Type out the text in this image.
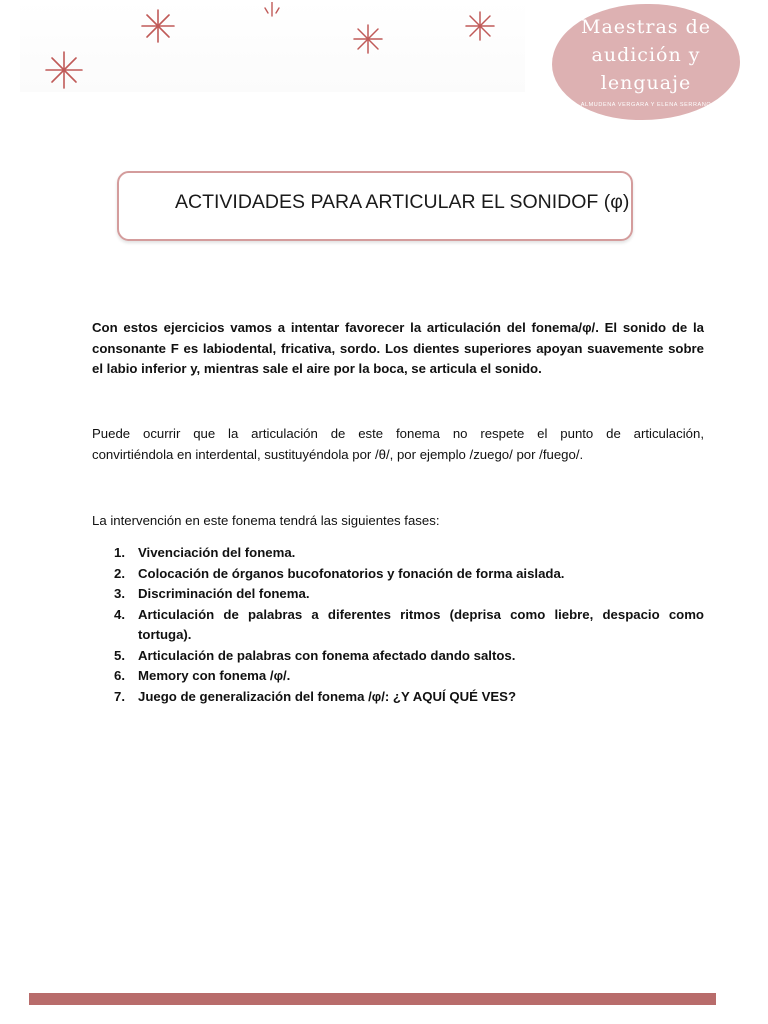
Maestras de
audición y
lenguaje
ALMUDENA VERGARA Y ELENA SERRANO
ACTIVIDADES PARA ARTICULAR EL SONIDOF (φ)
Con estos ejercicios vamos a intentar favorecer la articulación del fonema/φ/. El sonido de la
consonante F es labiodental, fricativa, sordo. Los dientes superiores apoyan suavemente sobre
el labio inferior y, mientras sale el aire por la boca, se articula el sonido.
Puede ocurrir que la articulación de este fonema no respete el punto de articulación,
convirtiéndola en interdental, sustituyéndola por /θ/, por ejemplo /zuego/ por /fuego/.
La intervención en este fonema tendrá las siguientes fases:
1. Vivenciación del fonema.
2. Colocación de órganos bucofonatorios y fonación de forma aislada.
3. Discriminación del fonema.
4. Articulación de palabras a diferentes ritmos (deprisa como liebre, despacio como tortuga).
5. Articulación de palabras con fonema afectado dando saltos.
6. Memory con fonema /φ/.
7. Juego de generalización del fonema /φ/: ¿Y AQUÍ QUÉ VES?
